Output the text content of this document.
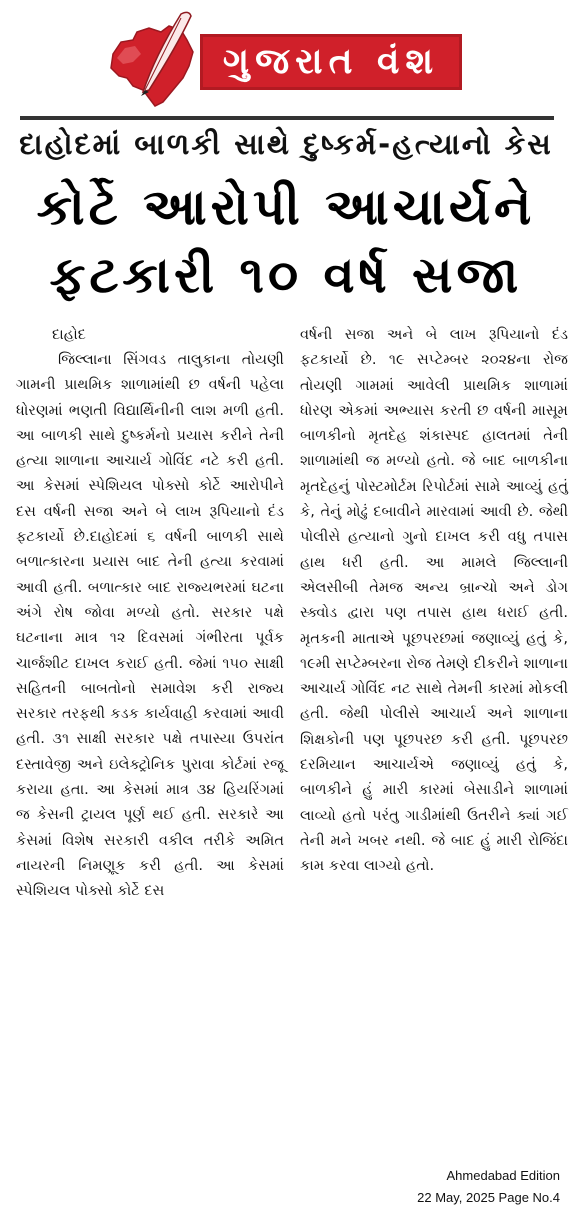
ગુજરાત વંશ
દાહોદમાં બાળકી સાથે દુષ્કર્મ-હત્યાનો કેસ
કોર્ટે આરોપી આચાર્યને
ફટકારી ૧૦ વર્ષ સજા
દાહોદ

જિલ્લાના સિંગવડ તાલુકાના તોયણી ગામની પ્રાથમિક શાળામાંથી છ વર્ષની પહેલા ધોરણમાં ભણતી વિદ્યાર્થિનીની લાશ મળી હતી. આ બાળકી સાથે દુષ્કર્મનો પ્રયાસ કરીને તેની હત્યા શાળાના આચાર્ય ગોવિંદ નટે કરી હતી. આ કેસમાં સ્પેશિયલ પોક્સો કોર્ટે આરોપીને દસ વર્ષની સજા અને બે લાખ રૂપિયાનો દંડ ફટકાર્યો છે.દાહોદમાં ૬ વર્ષની બાળકી સાથે બળાત્કારના પ્રયાસ બાદ તેની હત્યા કરવામાં આવી હતી. બળાત્કાર બાદ રાજ્યભરમાં ઘટના અંગે રોષ જોવા મળ્યો હતો. સરકાર પક્ષે ઘટનાના માત્ર ૧૨ દિવસમાં ગંભીરતા પૂર્વક ચાર્જશીટ દાખલ કરાઈ હતી. જેમાં ૧૫૦ સાક્ષી સહિતની બાબતોનો સમાવેશ કરી રાજ્ય સરકાર તરફથી કડક કાર્યવાહી કરવામાં આવી હતી. ૩૧ સાક્ષી સરકાર પક્ષે તપાસ્યા ઉપરાંત દસ્તાવેજી અને ઇલેક્ટ્રોનિક પુરાવા કોર્ટમાં રજૂ કરાયા હતા. આ કેસમાં માત્ર ૩૪ હિયરિંગમાં જ કેસની ટ્રાયલ પૂર્ણ થઈ હતી. સરકારે આ કેસમાં વિશેષ સરકારી વકીલ તરીકે અમિત નાયરની નિમણૂક કરી હતી. આ કેસમાં સ્પેશિયલ પોક્સો કોર્ટે દસ

વર્ષની સજા અને બે લાખ રૂપિયાનો દંડ ફટકાર્યો છે. ૧૯ સપ્ટેમ્બર ૨૦૨૪ના રોજ તોયણી ગામમાં આવેલી પ્રાથમિક શાળામાં ધોરણ એકમાં અભ્યાસ કરતી છ વર્ષની માસૂમ બાળકીનો મૃતદેહ શંકાસ્પદ હાલતમાં તેની શાળામાંથી જ મળ્યો હતો. જે બાદ બાળકીના મૃતદેહનું પોસ્ટમોર્ટમ રિપોર્ટમાં સામે આવ્યું હતું કે, તેનું મોઢું દબાવીને મારવામાં આવી છે. જેથી પોલીસે હત્યાનો ગુનો દાખલ કરી વધુ તપાસ હાથ ધરી હતી. આ મામલે જિલ્લાની એલસીબી તેમજ અન્ય બ્રાન્ચો અને ડોગ સ્ક્વોડ દ્વારા પણ તપાસ હાથ ધરાઈ હતી. મૃતકની માતાએ પૂછપરછમાં જણાવ્યું હતું કે, ૧૯મી સપ્ટેમ્બરના રોજ તેમણે દીકરીને શાળાના આચાર્ય ગોવિંદ નટ સાથે તેમની કારમાં મોકલી હતી. જેથી પોલીસે આચાર્ય અને શાળાના શિક્ષકોની પણ પૂછપરછ કરી હતી. પૂછપરછ દરમિયાન આચાર્યએ જણાવ્યું હતું કે, બાળકીને હું મારી કારમાં બેસાડીને શાળામાં લાવ્યો હતો પરંતુ ગાડીમાંથી ઉતરીને ક્યાં ગઈ તેની મને ખબર નથી. જે બાદ હું મારી રોજિંદા કામ કરવા લાગ્યો હતો.

Ahmedabad Edition
22 May, 2025 Page No.4
